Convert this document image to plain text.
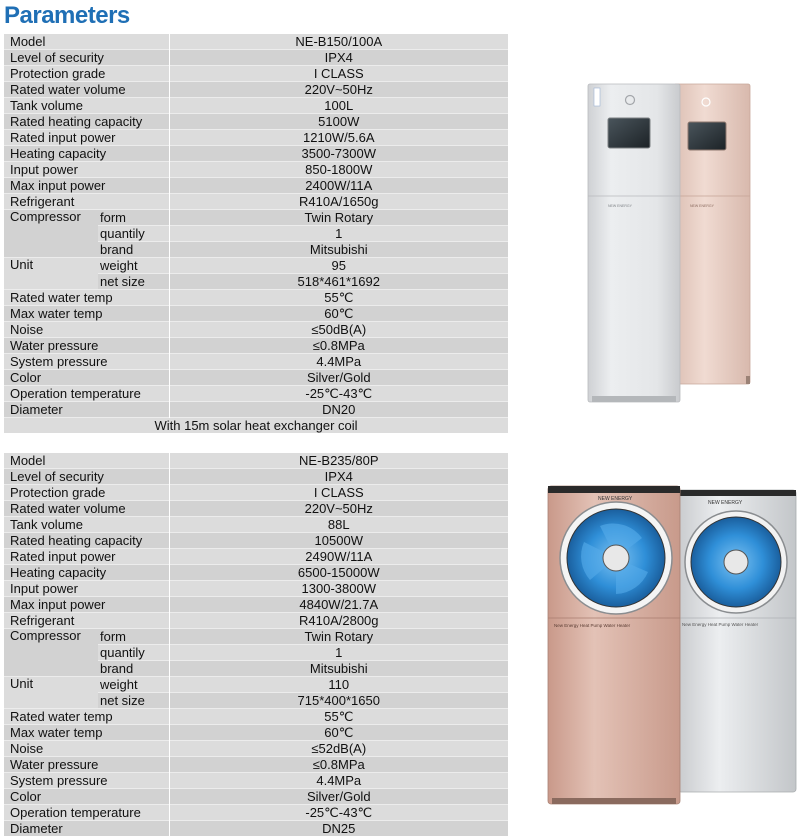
Parameters
Model		NE-B150/100A
Level of security		IPX4
Protection grade		I CLASS
Rated water volume		220V~50Hz
Tank volume		100L
Rated heating capacity		5100W
Rated input power		1210W/5.6A
Heating capacity		3500-7300W
Input power		850-1800W
Max input power		2400W/11A
Refrigerant		R410A/1650g
Compressor	form	Twin Rotary
	quantily	1
	brand	Mitsubishi
Unit	weight	95
	net size	518*461*1692
Rated water temp		55℃
Max water temp		60℃
Noise		≤50dB(A)
Water pressure		≤0.8MPa
System pressure		4.4MPa
Color		Silver/Gold
Operation temperature		-25℃-43℃
Diameter		DN20
With 15m solar heat exchanger coil		
Model		NE-B235/80P
Level of security		IPX4
Protection grade		I CLASS
Rated water volume		220V~50Hz
Tank volume		88L
Rated heating capacity		10500W
Rated input power		2490W/11A
Heating capacity		6500-15000W
Input power		1300-3800W
Max input power		4840W/21.7A
Refrigerant		R410A/2800g
Compressor	form	Twin Rotary
	quantily	1
	brand	Mitsubishi
Unit	weight	110
	net size	715*400*1650
Rated water temp		55℃
Max water temp		60℃
Noise		≤52dB(A)
Water pressure		≤0.8MPa
System pressure		4.4MPa
Color		Silver/Gold
Operation temperature		-25℃-43℃
Diameter		DN25
NEW ENERGY
NEW ENERGY
NEW ENERGY
New Energy Heat Pump Water Heater
NEW ENERGY
New Energy Heat Pump Water Heater
